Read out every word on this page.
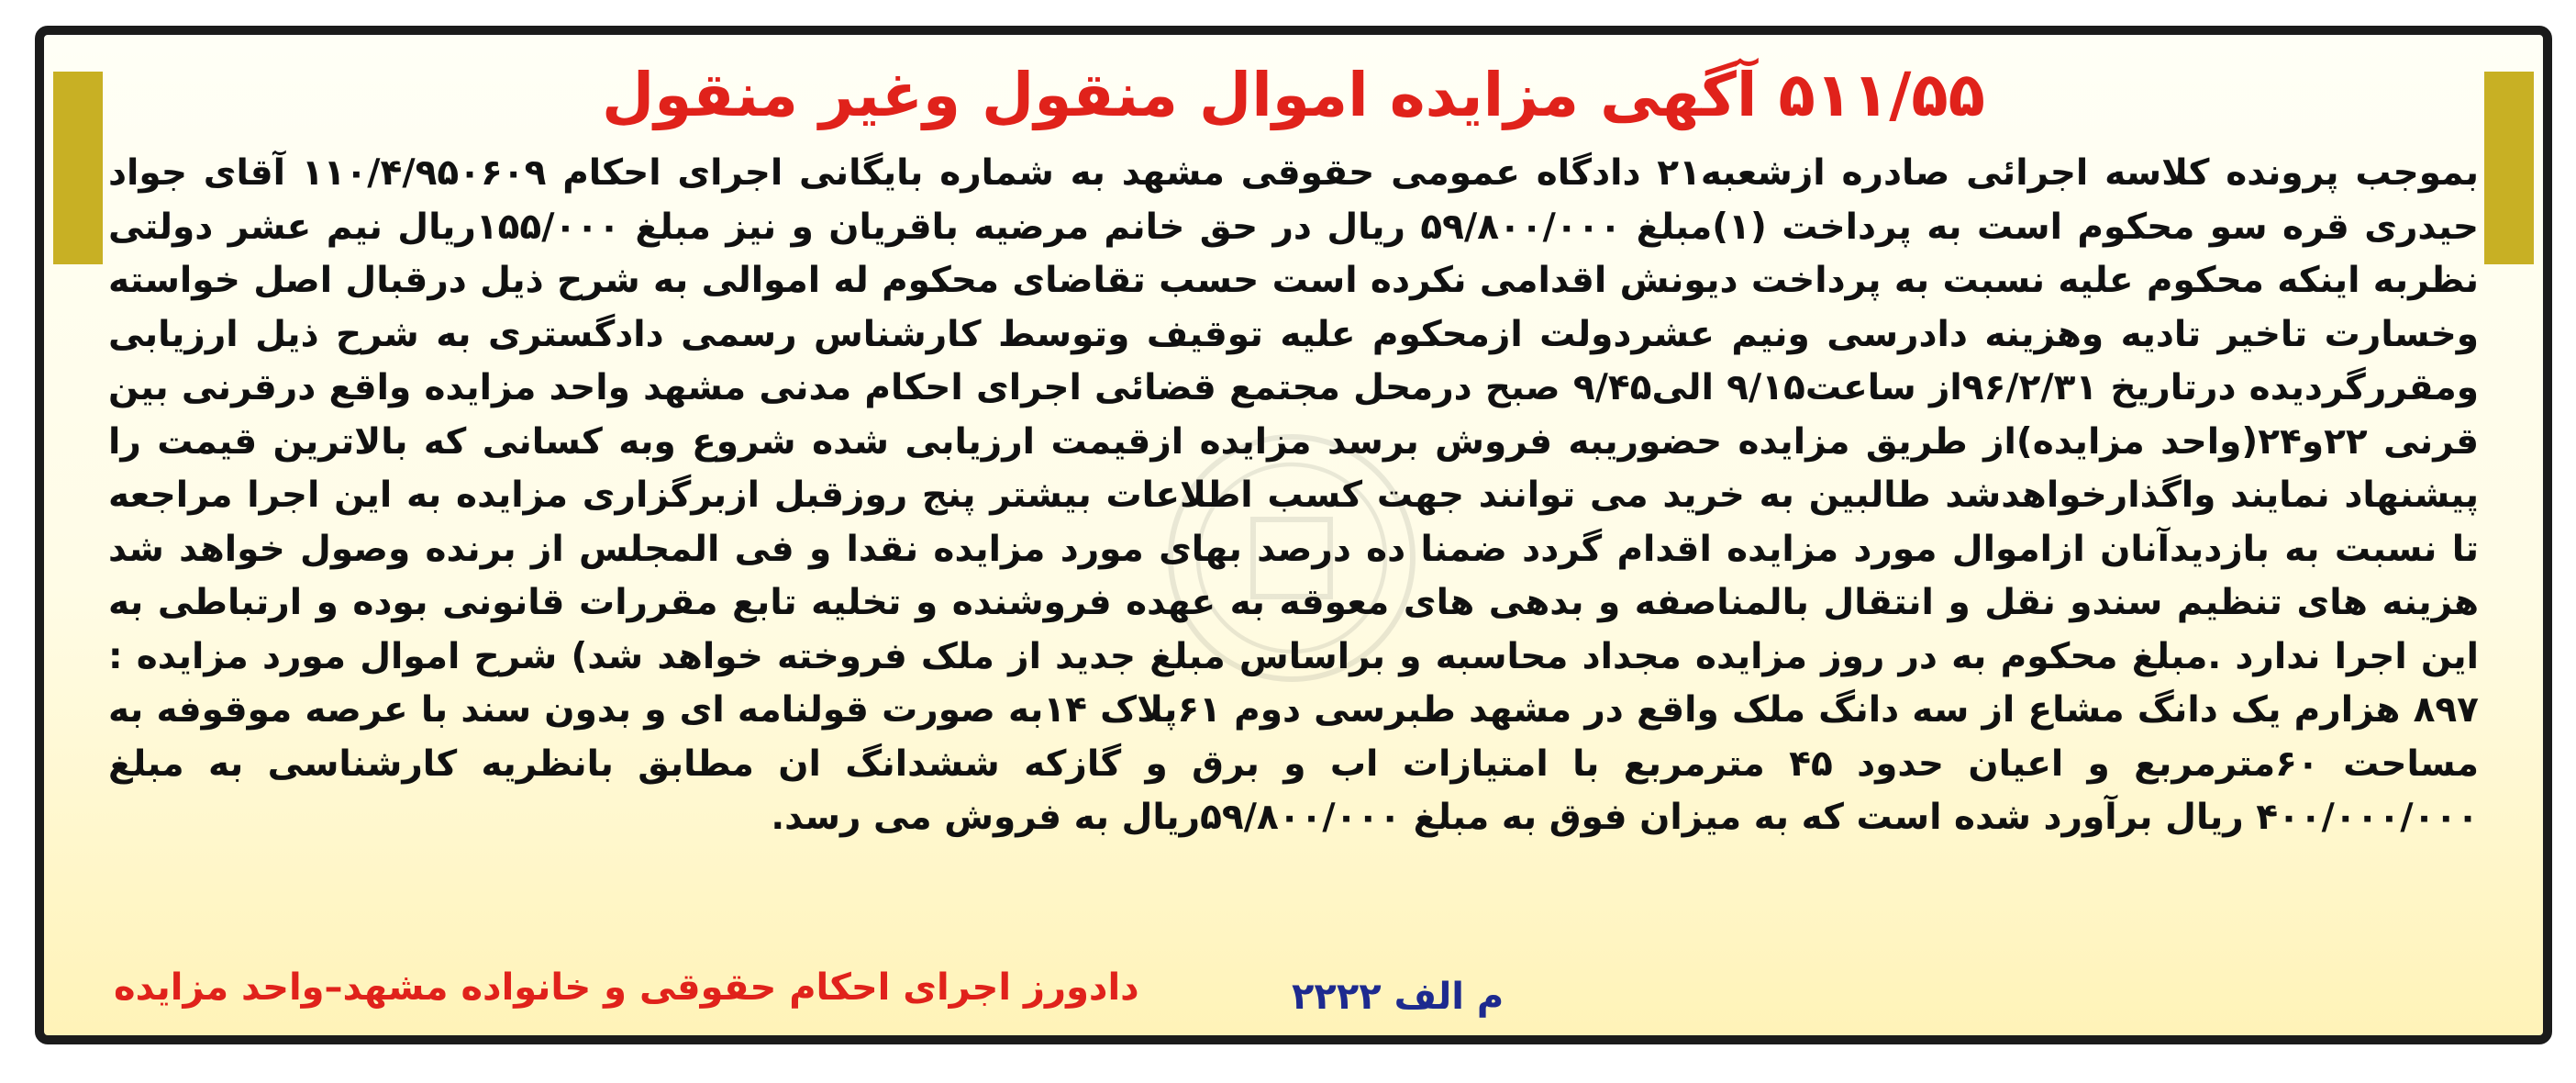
۵۱۱/۵۵ آگهی مزایده اموال منقول وغیر منقول

بموجب پرونده کلاسه اجرائی صادره ازشعبه۲۱ دادگاه عمومی حقوقی مشهد به شماره بایگانی اجرای احکام ۱۱۰/۴/۹۵۰۶۰۹ آقای جواد حیدری قره سو محکوم است به پرداخت (۱)مبلغ ۵۹/۸۰۰/۰۰۰ ریال در حق خانم مرضیه باقریان و نیز مبلغ ۱۵۵/۰۰۰ریال نیم عشر دولتی نظربه اینکه محکوم علیه نسبت به پرداخت دیونش اقدامی نکرده است حسب تقاضای محکوم له اموالی به شرح ذیل درقبال اصل خواسته وخسارت تاخیر تادیه وهزینه دادرسی ونیم عشردولت ازمحکوم علیه توقیف وتوسط کارشناس رسمی دادگستری به شرح ذیل ارزیابی ومقررگردیده درتاریخ ۹۶/۲/۳۱از ساعت۹/۱۵ الی۹/۴۵ صبح درمحل مجتمع قضائی اجرای احکام مدنی مشهد واحد مزایده واقع درقرنی بین قرنی ۲۲و۲۴(واحد مزایده)از طریق مزایده حضوریبه فروش برسد مزایده ازقیمت ارزیابی شده شروع وبه کسانی که بالاترین قیمت را پیشنهاد نمایند واگذارخواهدشد طالبین به خرید می توانند جهت کسب اطلاعات بیشتر پنج روزقبل ازبرگزاری مزایده به این اجرا مراجعه تا نسبت به بازدیدآنان ازاموال مورد مزایده اقدام گردد ضمنا ده درصد بهای مورد مزایده نقدا و فی المجلس از برنده وصول خواهد شد هزینه های تنظیم سندو نقل و انتقال بالمناصفه و بدهی های معوقه به عهده فروشنده و تخلیه تابع مقررات قانونی بوده و ارتباطی به این اجرا ندارد .مبلغ محکوم به در روز مزایده مجداد محاسبه و براساس مبلغ جدید از ملک فروخته خواهد شد) شرح اموال مورد مزایده : ۸۹۷ هزارم یک دانگ مشاع از سه دانگ ملک واقع در مشهد طبرسی دوم ۶۱پلاک ۱۴به صورت قولنامه ای و بدون سند با عرصه موقوفه به مساحت ۶۰مترمربع و اعیان حدود ۴۵ مترمربع با امتیازات اب و برق و گازکه ششدانگ ان مطابق بانظریه کارشناسی به مبلغ ۴۰۰/۰۰۰/۰۰۰ ریال برآورد شده است که به میزان فوق به مبلغ ۵۹/۸۰۰/۰۰۰ریال به فروش می رسد.

م الف ۲۲۲۲
دادورز اجرای احکام حقوقی و خانواده مشهد–واحد مزایده
